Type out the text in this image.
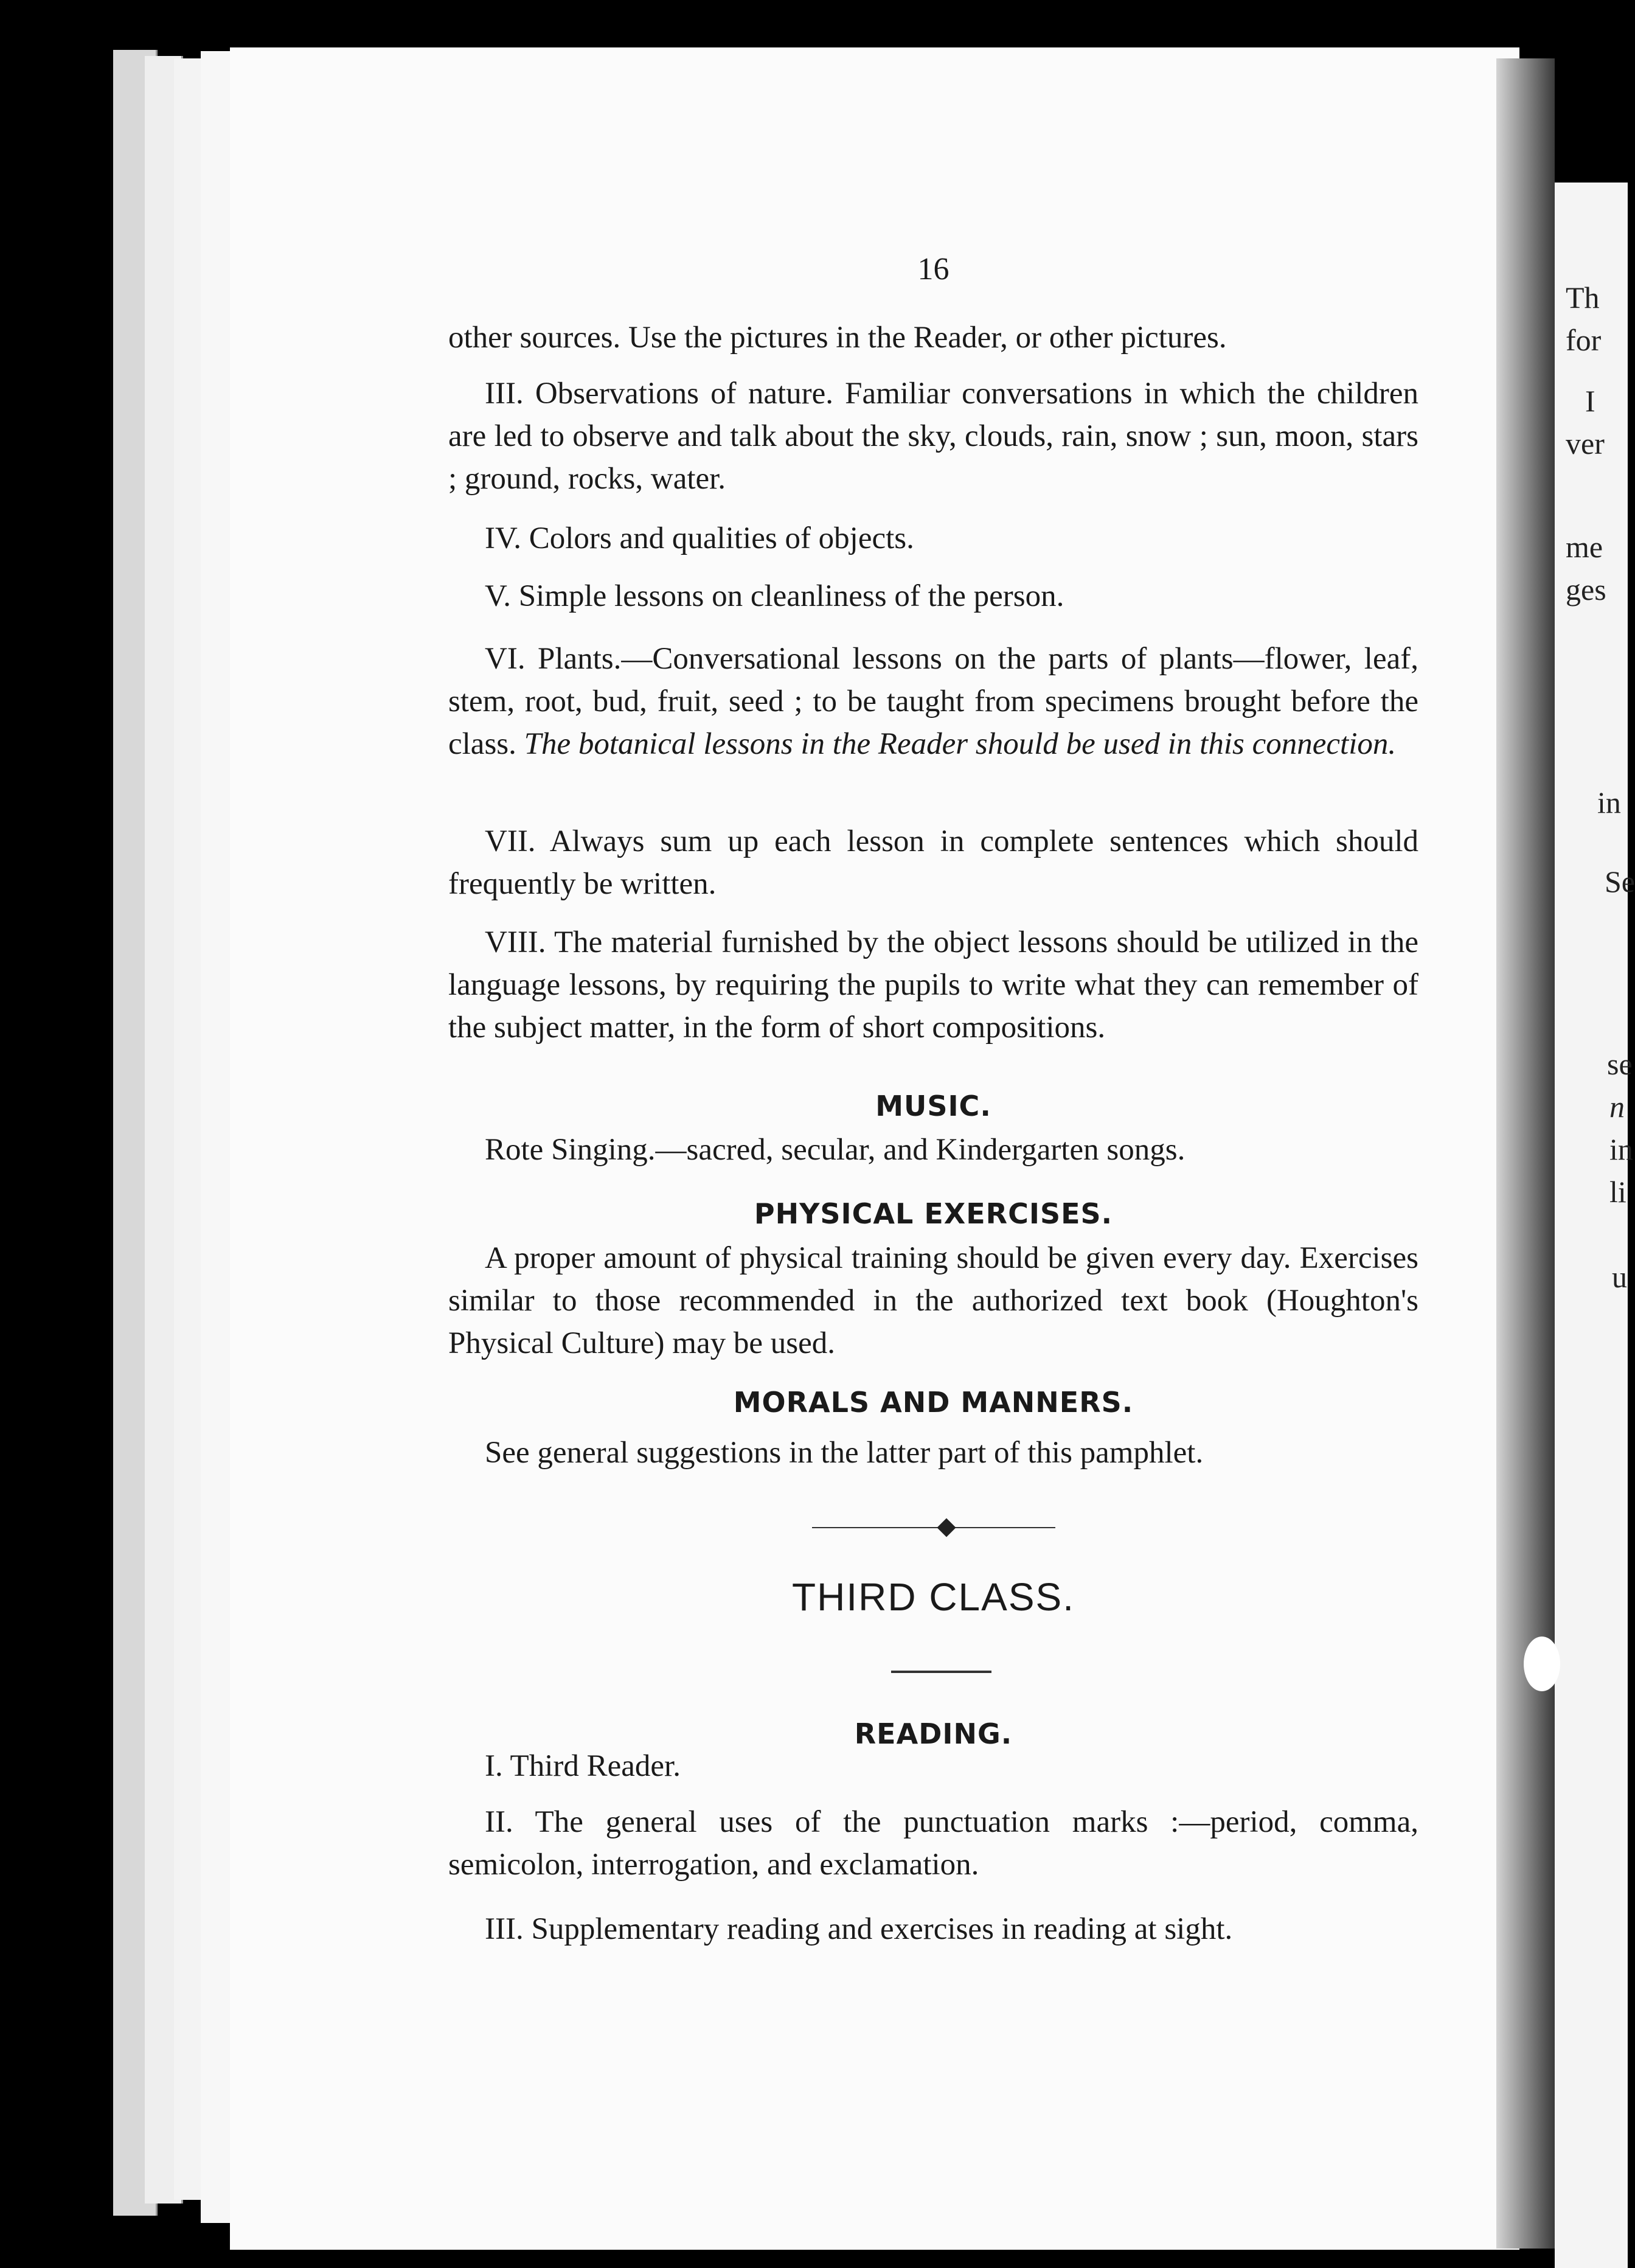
Th
for
I
ver
me
ges
in
Se
se
n
in
li
u
16

other sources. Use the pictures in the Reader, or other pictures.

III. Observations of nature. Familiar conversations in which the children are led to observe and talk about the sky, clouds, rain, snow ; sun, moon, stars ; ground, rocks, water.

IV. Colors and qualities of objects.

V. Simple lessons on cleanliness of the person.

VI. Plants.—Conversational lessons on the parts of plants—flower, leaf, stem, root, bud, fruit, seed ; to be taught from specimens brought before the class. The botanical lessons in the Reader should be used in this connection.

VII. Always sum up each lesson in complete sentences which should frequently be written.

VIII. The material furnished by the object lessons should be utilized in the language lessons, by requiring the pupils to write what they can remember of the subject matter, in the form of short compositions.

MUSIC.

Rote Singing.—sacred, secular, and Kindergarten songs.

PHYSICAL EXERCISES.

A proper amount of physical training should be given every day. Exercises similar to those recommended in the authorized text book (Houghton's Physical Culture) may be used.

MORALS AND MANNERS.

See general suggestions in the latter part of this pamphlet.

THIRD CLASS.
READING.

I. Third Reader.

II. The general uses of the punctuation marks :—period, comma, semicolon, interrogation, and exclamation.

III. Supplementary reading and exercises in reading at sight.
